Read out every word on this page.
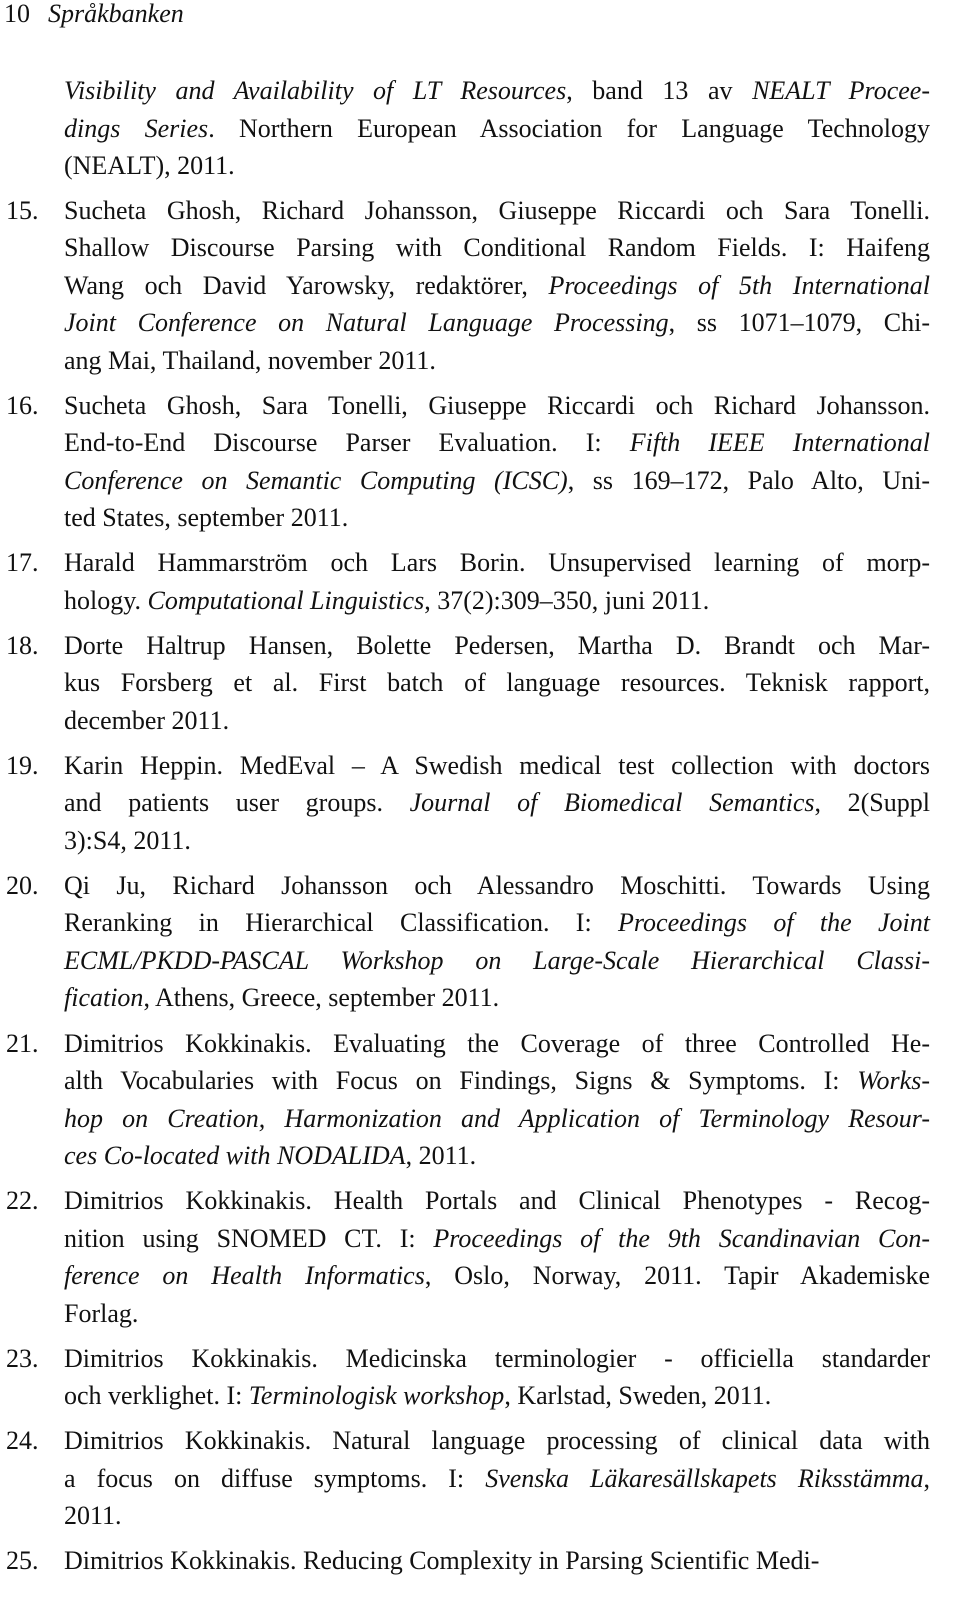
10 Språkbanken
Visibility and Availability of LT Resources, band 13 av NEALT Procee-
dings Series. Northern European Association for Language Technology
(NEALT), 2011.
15. Sucheta Ghosh, Richard Johansson, Giuseppe Riccardi och Sara Tonelli.
Shallow Discourse Parsing with Conditional Random Fields. I: Haifeng
Wang och David Yarowsky, redaktörer, Proceedings of 5th International
Joint Conference on Natural Language Processing, ss 1071–1079, Chi-
ang Mai, Thailand, november 2011.
16. Sucheta Ghosh, Sara Tonelli, Giuseppe Riccardi och Richard Johansson.
End-to-End Discourse Parser Evaluation. I: Fifth IEEE International
Conference on Semantic Computing (ICSC), ss 169–172, Palo Alto, Uni-
ted States, september 2011.
17. Harald Hammarström och Lars Borin. Unsupervised learning of morp-
hology. Computational Linguistics, 37(2):309–350, juni 2011.
18. Dorte Haltrup Hansen, Bolette Pedersen, Martha D. Brandt och Mar-
kus Forsberg et al. First batch of language resources. Teknisk rapport,
december 2011.
19. Karin Heppin. MedEval – A Swedish medical test collection with doctors
and patients user groups. Journal of Biomedical Semantics, 2(Suppl
3):S4, 2011.
20. Qi Ju, Richard Johansson och Alessandro Moschitti. Towards Using
Reranking in Hierarchical Classification. I: Proceedings of the Joint
ECML/PKDD-PASCAL Workshop on Large-Scale Hierarchical Classi-
fication, Athens, Greece, september 2011.
21. Dimitrios Kokkinakis. Evaluating the Coverage of three Controlled He-
alth Vocabularies with Focus on Findings, Signs & Symptoms. I: Works-
hop on Creation, Harmonization and Application of Terminology Resour-
ces Co-located with NODALIDA, 2011.
22. Dimitrios Kokkinakis. Health Portals and Clinical Phenotypes - Recog-
nition using SNOMED CT. I: Proceedings of the 9th Scandinavian Con-
ference on Health Informatics, Oslo, Norway, 2011. Tapir Akademiske
Forlag.
23. Dimitrios Kokkinakis. Medicinska terminologier - officiella standarder
och verklighet. I: Terminologisk workshop, Karlstad, Sweden, 2011.
24. Dimitrios Kokkinakis. Natural language processing of clinical data with
a focus on diffuse symptoms. I: Svenska Läkaresällskapets Riksstämma,
2011.
25. Dimitrios Kokkinakis. Reducing Complexity in Parsing Scientific Medi-
